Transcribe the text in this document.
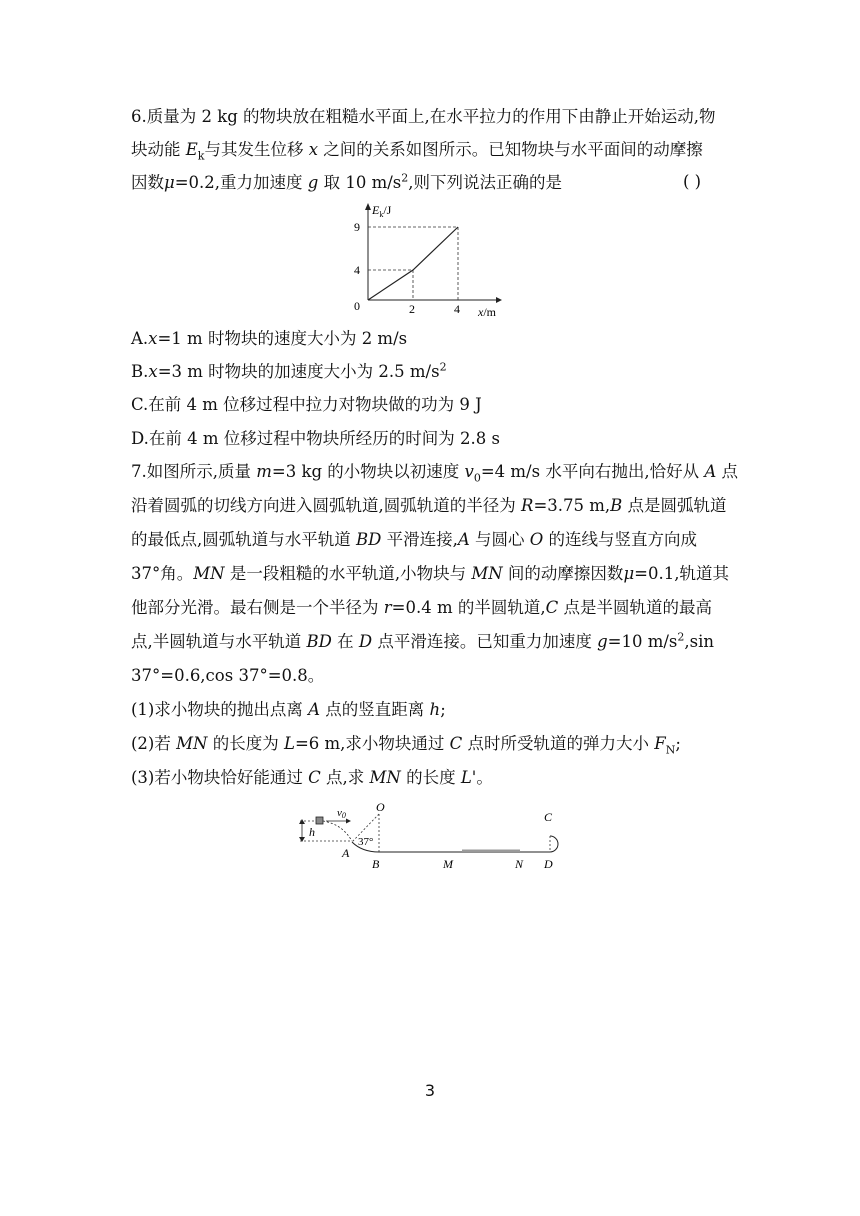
6.质量为 2 kg 的物块放在粗糙水平面上,在水平拉力的作用下由静止开始运动,物
块动能 $E_k$与其发生位移 x 之间的关系如图所示。已知物块与水平面间的动摩擦
因数μ=0.2,重力加速度 g 取 10 $m/s^2$,则下列说法正确的是	( )
$E_k/J$
9
4
0	2	4 x/m
A.x=1 m 时物块的速度大小为 2 m/s
B.x=3 m 时物块的加速度大小为 2.5 $m/s^2$
C.在前 4 m 位移过程中拉力对物块做的功为 9 J
D.在前 4 m 位移过程中物块所经历的时间为 2.8 s
7.如图所示,质量 m=3 kg 的小物块以初速度 $v_0=4$ m/s 水平向右抛出,恰好从 A 点
沿着圆弧的切线方向进入圆弧轨道,圆弧轨道的半径为 R=3.75 m,B 点是圆弧轨道
的最低点,圆弧轨道与水平轨道 BD 平滑连接,A 与圆心 O 的连线与竖直方向成
37°角。MN 是一段粗糙的水平轨道,小物块与 MN 间的动摩擦因数μ=0.1,轨道其
他部分光滑。最右侧是一个半径为 r=0.4 m 的半圆轨道,C 点是半圆轨道的最高
点,半圆轨道与水平轨道 BD 在 D 点平滑连接。已知重力加速度 g=10 $m/s^2,\sin$
37°=0.6,cos 37°=0.8。
(1)求小物块的抛出点离 A 点的竖直距离 h;
(2)若 MN 的长度为 L=6 m,求小物块通过 C 点时所受轨道的弹力大小 $F_N$;
(3)若小物块恰好能通过 C 点,求 MN 的长度 L'。
h
v0
O
37°
A
B	M	N
C
D
3
